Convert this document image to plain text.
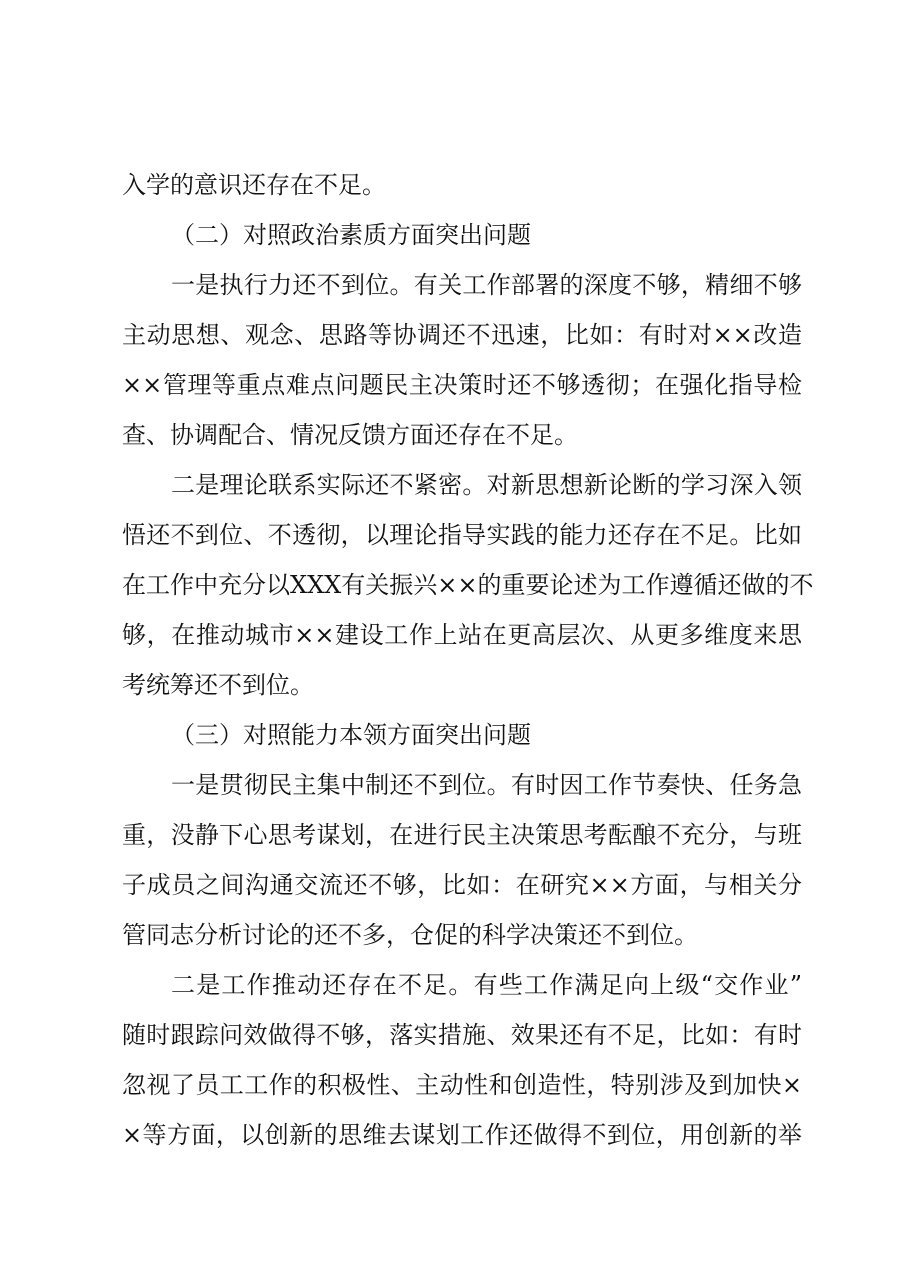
入学的意识还存在不足。
（二）对照政治素质方面突出问题
一是执行力还不到位。有关工作部署的深度不够，精细不够
主动思想、观念、思路等协调还不迅速，比如：有时对××改造
××管理等重点难点问题民主决策时还不够透彻；在强化指导检
查、协调配合、情况反馈方面还存在不足。
二是理论联系实际还不紧密。对新思想新论断的学习深入领
悟还不到位、不透彻，以理论指导实践的能力还存在不足。比如
在工作中充分以XXX有关振兴××的重要论述为工作遵循还做的不
够，在推动城市××建设工作上站在更高层次、从更多维度来思
考统筹还不到位。
（三）对照能力本领方面突出问题
一是贯彻民主集中制还不到位。有时因工作节奏快、任务急
重，没静下心思考谋划，在进行民主决策思考酝酿不充分，与班
子成员之间沟通交流还不够，比如：在研究××方面，与相关分
管同志分析讨论的还不多，仓促的科学决策还不到位。
二是工作推动还存在不足。有些工作满足向上级“交作业”
随时跟踪问效做得不够，落实措施、效果还有不足，比如：有时
忽视了员工工作的积极性、主动性和创造性，特别涉及到加快×
×等方面，以创新的思维去谋划工作还做得不到位，用创新的举
